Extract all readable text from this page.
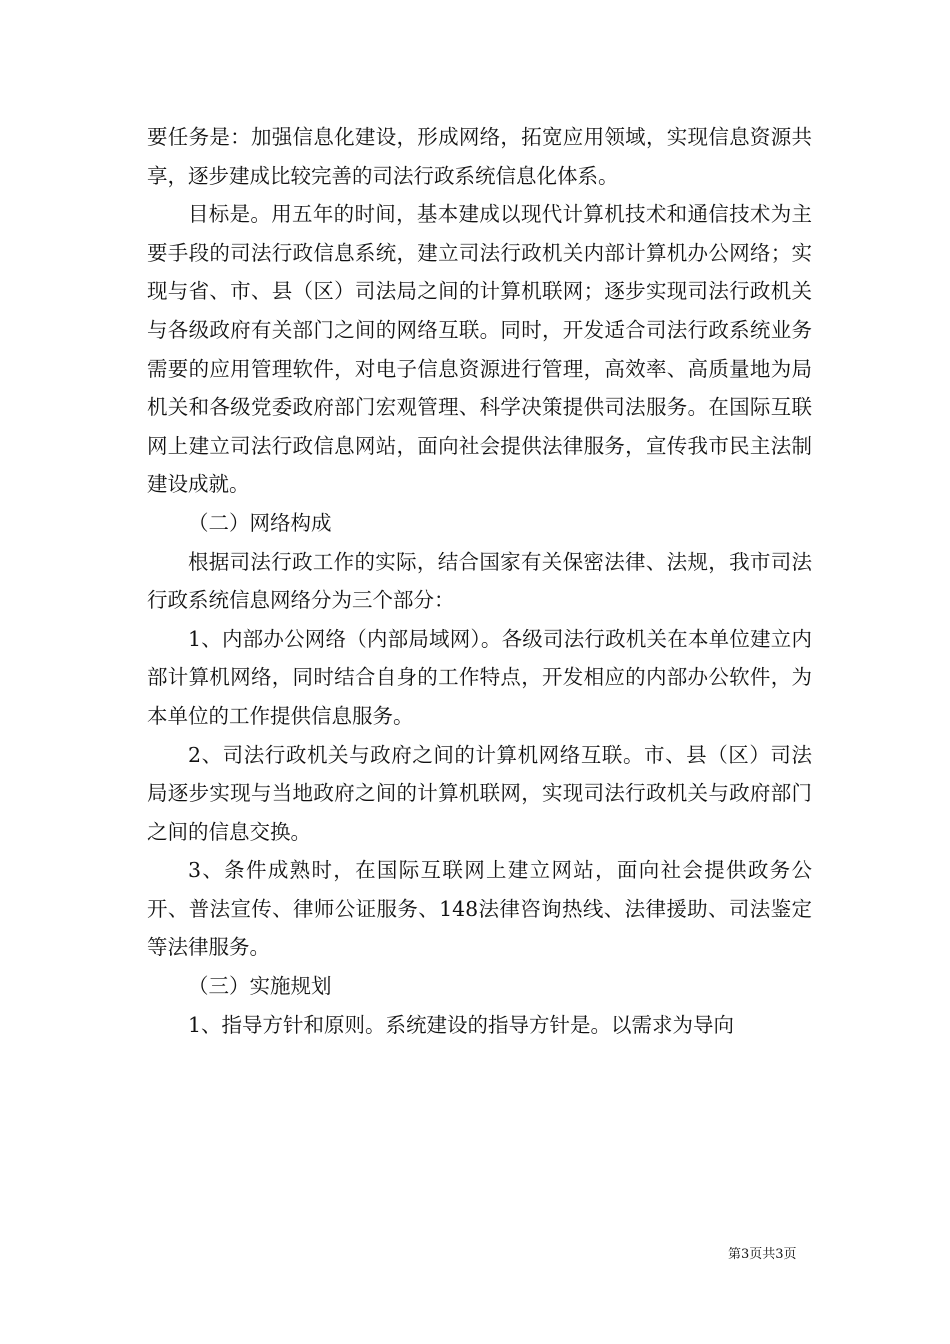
要任务是：加强信息化建设，形成网络，拓宽应用领域，实现信息资源共享，逐步建成比较完善的司法行政系统信息化体系。

目标是。用五年的时间，基本建成以现代计算机技术和通信技术为主要手段的司法行政信息系统，建立司法行政机关内部计算机办公网络；实现与省、市、县（区）司法局之间的计算机联网；逐步实现司法行政机关与各级政府有关部门之间的网络互联。同时，开发适合司法行政系统业务需要的应用管理软件，对电子信息资源进行管理，高效率、高质量地为局机关和各级党委政府部门宏观管理、科学决策提供司法服务。在国际互联网上建立司法行政信息网站，面向社会提供法律服务，宣传我市民主法制建设成就。

（二）网络构成

根据司法行政工作的实际，结合国家有关保密法律、法规，我市司法行政系统信息网络分为三个部分：

1、内部办公网络（内部局域网）。各级司法行政机关在本单位建立内部计算机网络，同时结合自身的工作特点，开发相应的内部办公软件，为本单位的工作提供信息服务。

2、司法行政机关与政府之间的计算机网络互联。市、县（区）司法局逐步实现与当地政府之间的计算机联网，实现司法行政机关与政府部门之间的信息交换。

3、条件成熟时，在国际互联网上建立网站，面向社会提供政务公开、普法宣传、律师公证服务、148法律咨询热线、法律援助、司法鉴定等法律服务。

（三）实施规划

1、指导方针和原则。系统建设的指导方针是。以需求为导向

第3页共3页
